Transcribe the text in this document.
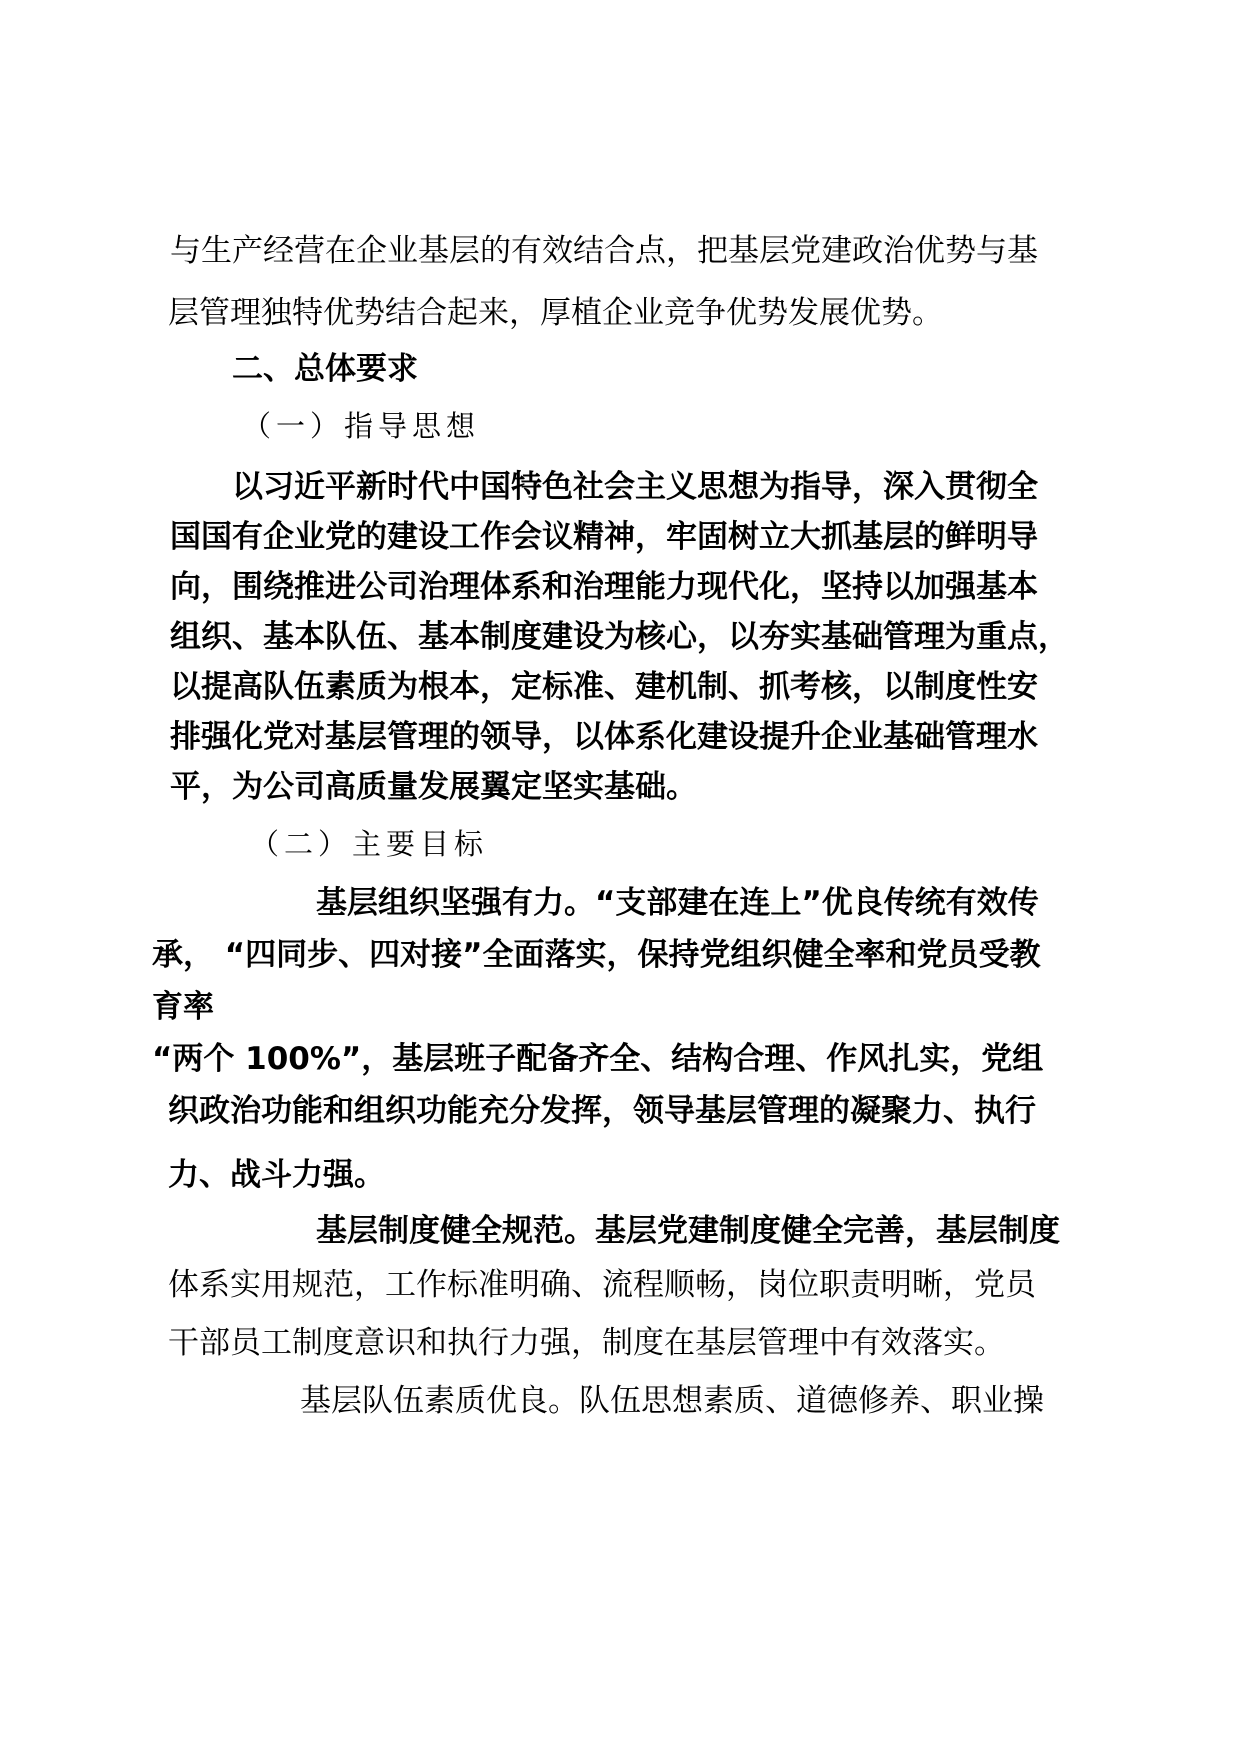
与生产经营在企业基层的有效结合点，把基层党建政治优势与基
层管理独特优势结合起来，厚植企业竞争优势发展优势。
二、总体要求
（一）指导思想
以习近平新时代中国特色社会主义思想为指导，深入贯彻全
国国有企业党的建设工作会议精神，牢固树立大抓基层的鲜明导
向，围绕推进公司治理体系和治理能力现代化，坚持以加强基本
组织、基本队伍、基本制度建设为核心，以夯实基础管理为重点，
以提高队伍素质为根本，定标准、建机制、抓考核，以制度性安
排强化党对基层管理的领导，以体系化建设提升企业基础管理水
平，为公司高质量发展翼定坚实基础。
（二）主要目标
基层组织坚强有力。“支部建在连上”优良传统有效传
承， “四同步、四对接”全面落实，保持党组织健全率和党员受教
育率
“两个 100%”，基层班子配备齐全、结构合理、作风扎实，党组
织政治功能和组织功能充分发挥，领导基层管理的凝聚力、执行
力、战斗力强。
基层制度健全规范。基层党建制度健全完善，基层制度
体系实用规范，工作标准明确、流程顺畅，岗位职责明晰，党员
干部员工制度意识和执行力强，制度在基层管理中有效落实。
基层队伍素质优良。队伍思想素质、道德修养、职业操
